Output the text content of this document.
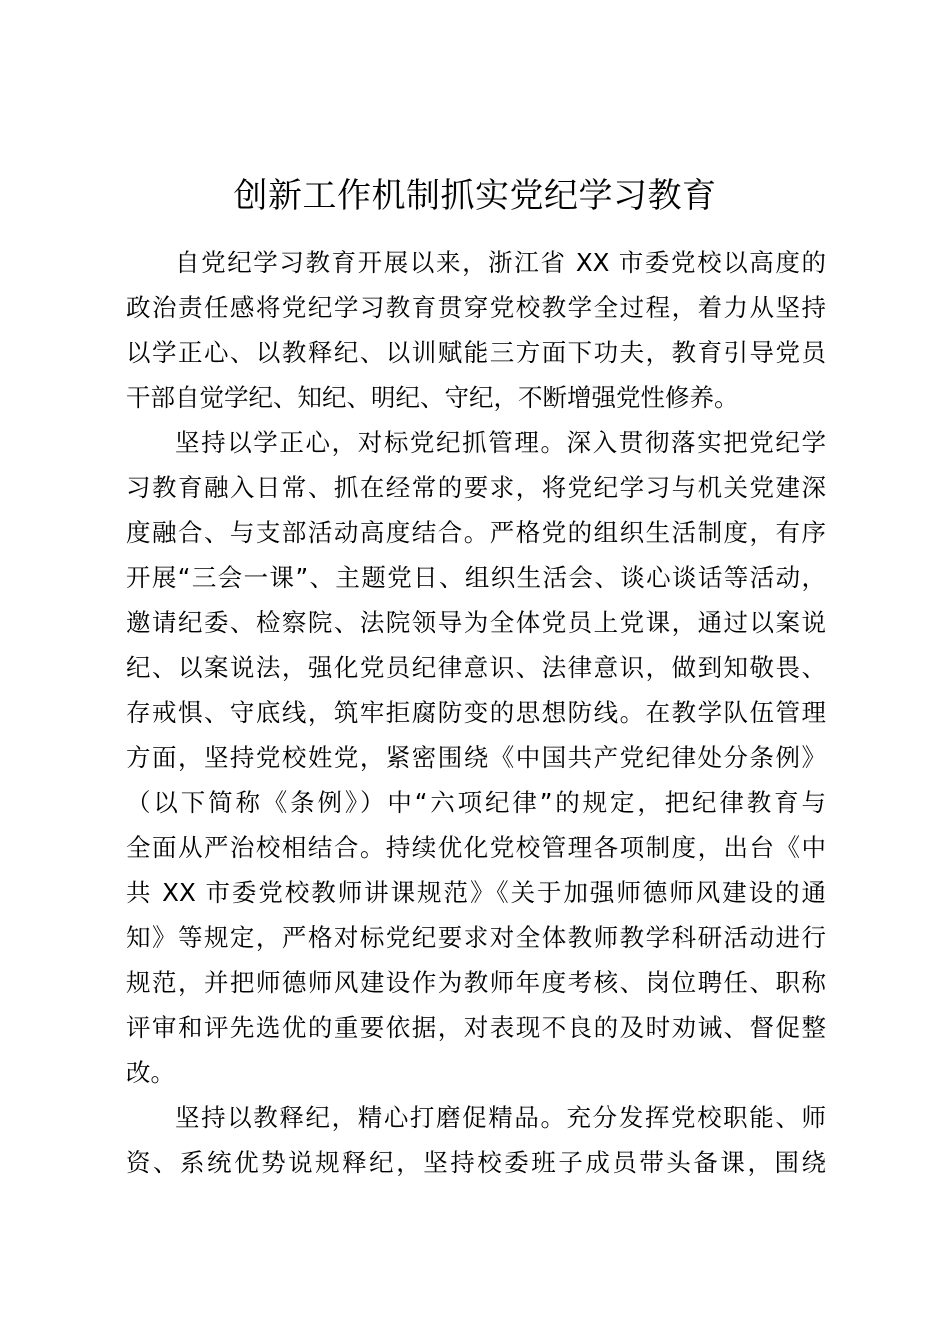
创新工作机制抓实党纪学习教育
自党纪学习教育开展以来，浙江省 XX 市委党校以高度的
政治责任感将党纪学习教育贯穿党校教学全过程，着力从坚持
以学正心、以教释纪、以训赋能三方面下功夫，教育引导党员
干部自觉学纪、知纪、明纪、守纪，不断增强党性修养。
坚持以学正心，对标党纪抓管理。深入贯彻落实把党纪学
习教育融入日常、抓在经常的要求，将党纪学习与机关党建深
度融合、与支部活动高度结合。严格党的组织生活制度，有序
开展“三会一课”、主题党日、组织生活会、谈心谈话等活动，
邀请纪委、检察院、法院领导为全体党员上党课，通过以案说
纪、以案说法，强化党员纪律意识、法律意识，做到知敬畏、
存戒惧、守底线，筑牢拒腐防变的思想防线。在教学队伍管理
方面，坚持党校姓党，紧密围绕《中国共产党纪律处分条例》
（以下简称《条例》）中“六项纪律”的规定，把纪律教育与
全面从严治校相结合。持续优化党校管理各项制度，出台《中
共 XX 市委党校教师讲课规范》《关于加强师德师风建设的通
知》等规定，严格对标党纪要求对全体教师教学科研活动进行
规范，并把师德师风建设作为教师年度考核、岗位聘任、职称
评审和评先选优的重要依据，对表现不良的及时劝诫、督促整
改。
坚持以教释纪，精心打磨促精品。充分发挥党校职能、师
资、系统优势说规释纪，坚持校委班子成员带头备课，围绕
